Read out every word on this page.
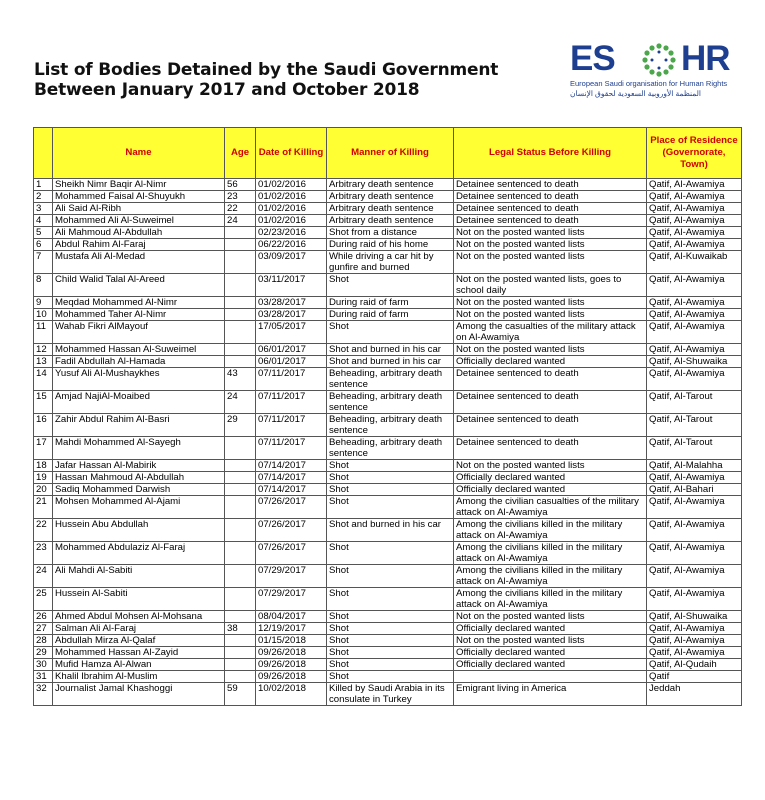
List of Bodies Detained by the Saudi Government
Between January 2017 and October 2018
ES HR
European Saudi organisation for Human Rights
المنظمة الأوروبية السعودية لحقوق الإنسان
	Name	Age	Date of Killing	Manner of Killing	Legal Status Before Killing	Place of Residence (Governorate, Town)
1	Sheikh Nimr Baqir Al-Nimr	56	01/02/2016	Arbitrary death sentence	Detainee sentenced to death	Qatif, Al-Awamiya
2	Mohammed Faisal Al-Shuyukh	23	01/02/2016	Arbitrary death sentence	Detainee sentenced to death	Qatif, Al-Awamiya
3	Ali Said Al-Ribh	22	01/02/2016	Arbitrary death sentence	Detainee sentenced to death	Qatif, Al-Awamiya
4	Mohammed Ali Al-Suweimel	24	01/02/2016	Arbitrary death sentence	Detainee sentenced to death	Qatif, Al-Awamiya
5	Ali Mahmoud Al-Abdullah		02/23/2016	Shot from a distance	Not on the posted wanted lists	Qatif, Al-Awamiya
6	Abdul Rahim Al-Faraj		06/22/2016	During raid of his home	Not on the posted wanted lists	Qatif, Al-Awamiya
7	Mustafa Ali Al-Medad		03/09/2017	While driving a car hit by gunfire and burned	Not on the posted wanted lists	Qatif, Al-Kuwaikab
8	Child Walid Talal Al-Areed		03/11/2017	Shot	Not on the posted wanted lists, goes to school daily	Qatif, Al-Awamiya
9	Meqdad Mohammed Al-Nimr		03/28/2017	During raid of farm	Not on the posted wanted lists	Qatif, Al-Awamiya
10	Mohammed Taher Al-Nimr		03/28/2017	During raid of farm	Not on the posted wanted lists	Qatif, Al-Awamiya
11	Wahab Fikri AlMayouf		17/05/2017	Shot	Among the casualties of the military attack on Al-Awamiya	Qatif, Al-Awamiya
12	Mohammed Hassan Al-Suweimel		06/01/2017	Shot and burned in his car	Not on the posted wanted lists	Qatif, Al-Awamiya
13	Fadil Abdullah Al-Hamada		06/01/2017	Shot and burned in his car	Officially declared wanted	Qatif, Al-Shuwaika
14	Yusuf Ali Al-Mushaykhes	43	07/11/2017	Beheading, arbitrary death sentence	Detainee sentenced to death	Qatif, Al-Awamiya
15	Amjad NajiAl-Moaibed	24	07/11/2017	Beheading, arbitrary death sentence	Detainee sentenced to death	Qatif, Al-Tarout
16	Zahir Abdul Rahim Al-Basri	29	07/11/2017	Beheading, arbitrary death sentence	Detainee sentenced to death	Qatif, Al-Tarout
17	Mahdi Mohammed Al-Sayegh		07/11/2017	Beheading, arbitrary death sentence	Detainee sentenced to death	Qatif, Al-Tarout
18	Jafar Hassan Al-Mabirik		07/14/2017	Shot	Not on the posted wanted lists	Qatif, Al-Malahha
19	Hassan Mahmoud Al-Abdullah		07/14/2017	Shot	Officially declared wanted	Qatif, Al-Awamiya
20	Sadiq Mohammed Darwish		07/14/2017	Shot	Officially declared wanted	Qatif, Al-Bahari
21	Mohsen Mohammed Al-Ajami		07/26/2017	Shot	Among the civilian casualties of the military attack on Al-Awamiya	Qatif, Al-Awamiya
22	Hussein Abu Abdullah		07/26/2017	Shot and burned in his car	Among the civilians killed in the military attack on Al-Awamiya	Qatif, Al-Awamiya
23	Mohammed Abdulaziz Al-Faraj		07/26/2017	Shot	Among the civilians killed in the military attack on Al-Awamiya	Qatif, Al-Awamiya
24	Ali Mahdi Al-Sabiti		07/29/2017	Shot	Among the civilians killed in the military attack on Al-Awamiya	Qatif, Al-Awamiya
25	Hussein Al-Sabiti		07/29/2017	Shot	Among the civilians killed in the military attack on Al-Awamiya	Qatif, Al-Awamiya
26	Ahmed Abdul Mohsen Al-Mohsana		08/04/2017	Shot	Not on the posted wanted lists	Qatif, Al-Shuwaika
27	Salman Ali Al-Faraj	38	12/19/2017	Shot	Officially declared wanted	Qatif, Al-Awamiya
28	Abdullah Mirza Al-Qalaf		01/15/2018	Shot	Not on the posted wanted lists	Qatif, Al-Awamiya
29	Mohammed Hassan Al-Zayid		09/26/2018	Shot	Officially declared wanted	Qatif, Al-Awamiya
30	Mufid Hamza Al-Alwan		09/26/2018	Shot	Officially declared wanted	Qatif, Al-Qudaih
31	Khalil Ibrahim Al-Muslim		09/26/2018	Shot		Qatif
32	Journalist Jamal Khashoggi	59	10/02/2018	Killed by Saudi Arabia in its consulate in Turkey	Emigrant living in America	Jeddah
